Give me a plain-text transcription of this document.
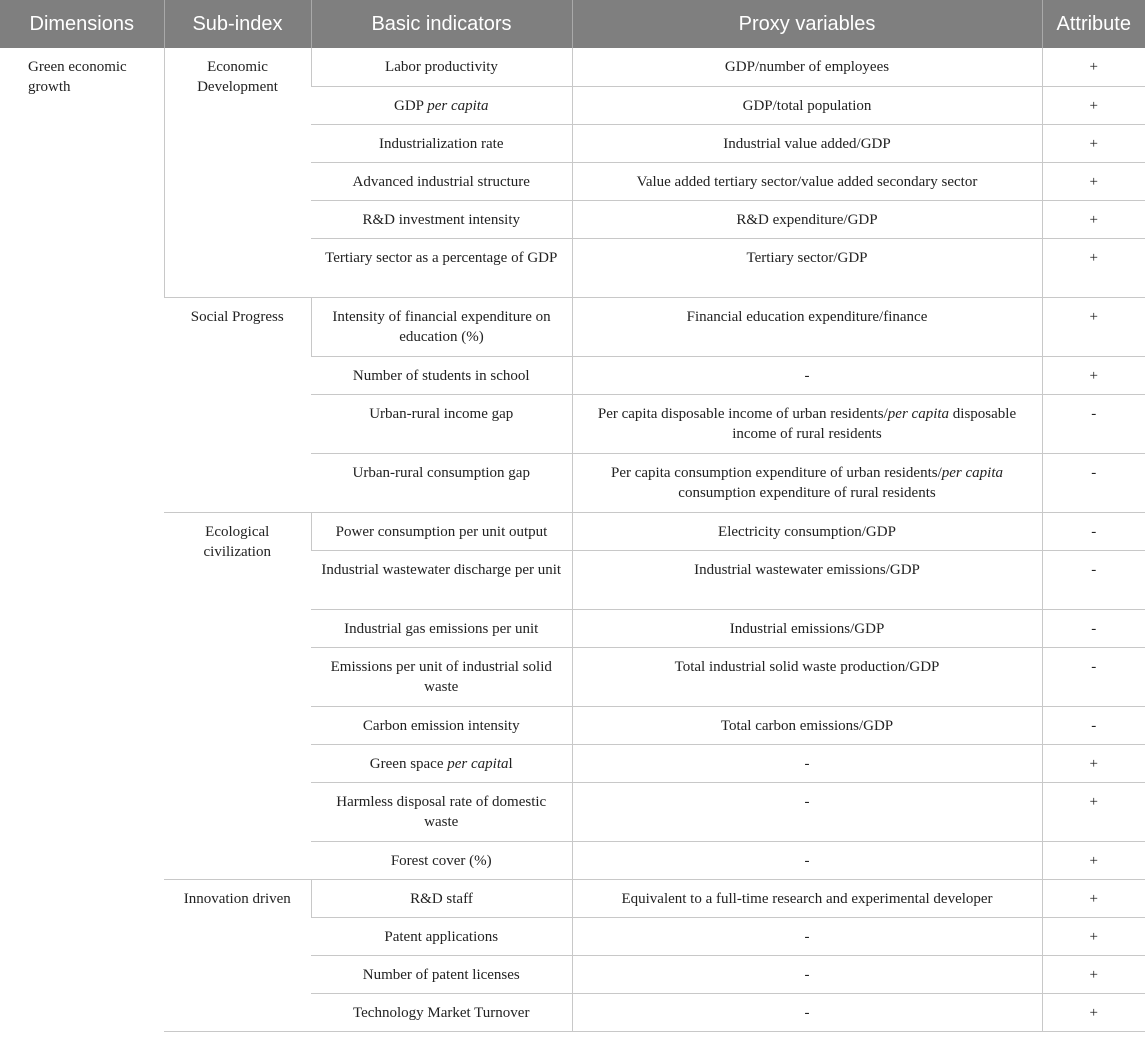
Dimensions	Sub-index	Basic indicators	Proxy variables	Attribute
Green economic growth	Economic Development	Labor productivity	GDP/number of employees	+
		GDP per capita	GDP/total population	+
		Industrialization rate	Industrial value added/GDP	+
		Advanced industrial structure	Value added tertiary sector/value added secondary sector	+
		R&D investment intensity	R&D expenditure/GDP	+
		Tertiary sector as a percentage of GDP	Tertiary sector/GDP	+
	Social Progress	Intensity of financial expenditure on education (%)	Financial education expenditure/finance	+
		Number of students in school	-	+
		Urban-rural income gap	Per capita disposable income of urban residents/per capita disposable income of rural residents	-
		Urban-rural consumption gap	Per capita consumption expenditure of urban residents/per capita consumption expenditure of rural residents	-
	Ecological civilization	Power consumption per unit output	Electricity consumption/GDP	-
		Industrial wastewater discharge per unit	Industrial wastewater emissions/GDP	-
		Industrial gas emissions per unit	Industrial emissions/GDP	-
		Emissions per unit of industrial solid waste	Total industrial solid waste production/GDP	-
		Carbon emission intensity	Total carbon emissions/GDP	-
		Green space per capital	-	+
		Harmless disposal rate of domestic waste	-	+
		Forest cover (%)	-	+
	Innovation driven	R&D staff	Equivalent to a full-time research and experimental developer	+
		Patent applications	-	+
		Number of patent licenses	-	+
		Technology Market Turnover	-	+
